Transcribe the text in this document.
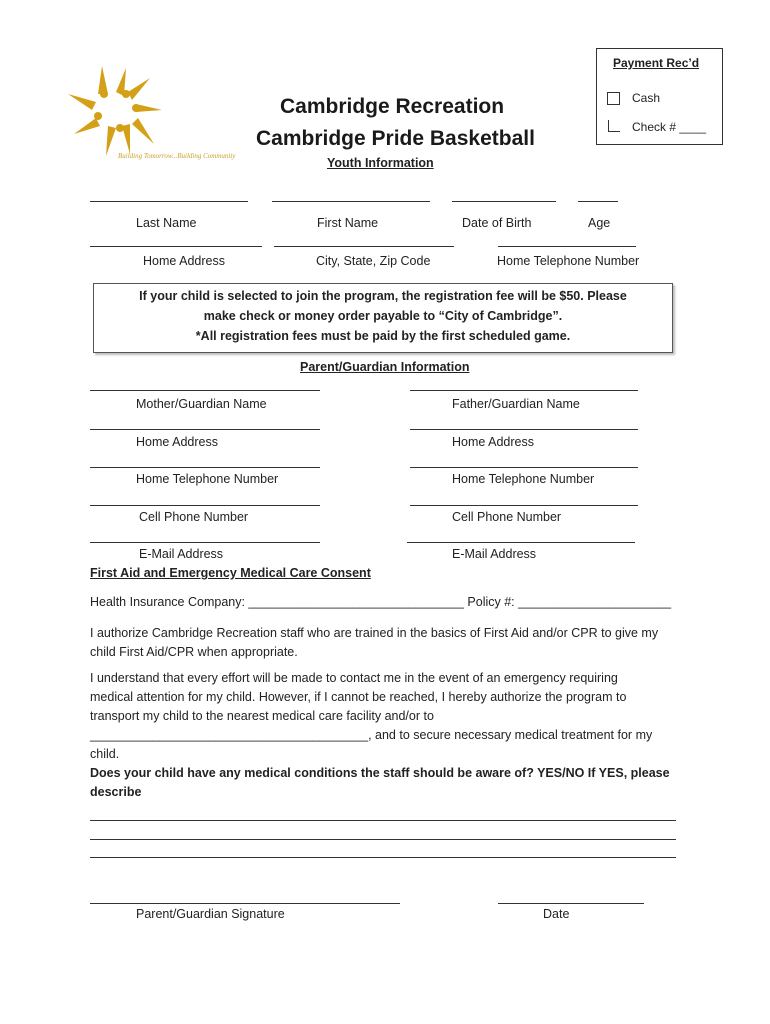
Building Tomorrow...Building Community
Payment Rec’d
Cash
Check # ____
Cambridge Recreation
Cambridge Pride Basketball
Youth Information
Last Name	First Name	Date of Birth	Age
Home Address	City, State, Zip Code	Home Telephone Number
If your child is selected to join the program, the registration fee will be $50. Please
make check or money order payable to “City of Cambridge”.
*All registration fees must be paid by the first scheduled game.
Parent/Guardian Information
Mother/Guardian Name	Father/Guardian Name
Home Address	Home Address
Home Telephone Number	Home Telephone Number
Cell Phone Number	Cell Phone Number
E-Mail Address	E-Mail Address
First Aid and Emergency Medical Care Consent
Health Insurance Company: _______________________________ Policy #: ______________________
I authorize Cambridge Recreation staff who are trained in the basics of First Aid and/or CPR to give my child First Aid/CPR when appropriate.
I understand that every effort will be made to contact me in the event of an emergency requiring
medical attention for my child. However, if I cannot be reached, I hereby authorize the program to
transport my child to the nearest medical care facility and/or to
________________________________________, and to secure necessary medical treatment for my
child.
Does your child have any medical conditions the staff should be aware of? YES/NO If YES, please
describe
Parent/Guardian Signature	Date
